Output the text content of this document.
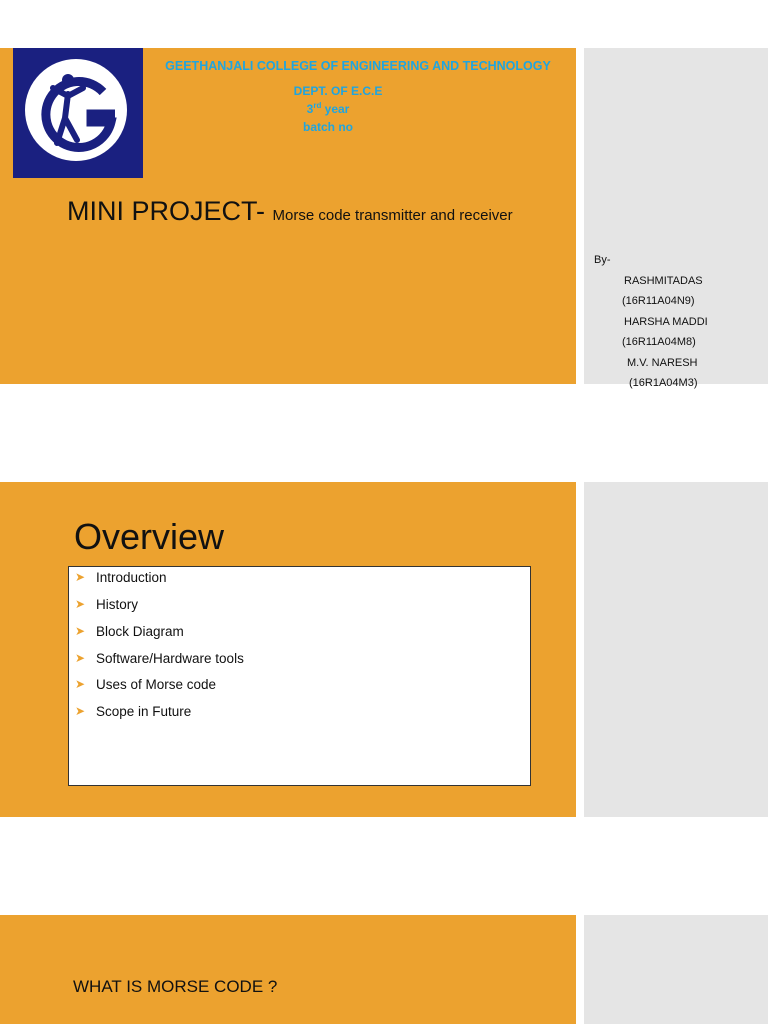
GEETHANJALI COLLEGE OF ENGINEERING AND TECHNOLOGY
DEPT. OF E.C.E
3rd year
batch no
MINI PROJECT- Morse code transmitter and receiver
By-
RASHMITADAS
(16R11A04N9)
HARSHA MADDI
(16R11A04M8)
M.V. NARESH
(16R1A04M3)
Overview
➤ Introduction
➤ History
➤ Block Diagram
➤ Software/Hardware tools
➤ Uses of Morse code
➤ Scope in Future
WHAT IS MORSE CODE ?
